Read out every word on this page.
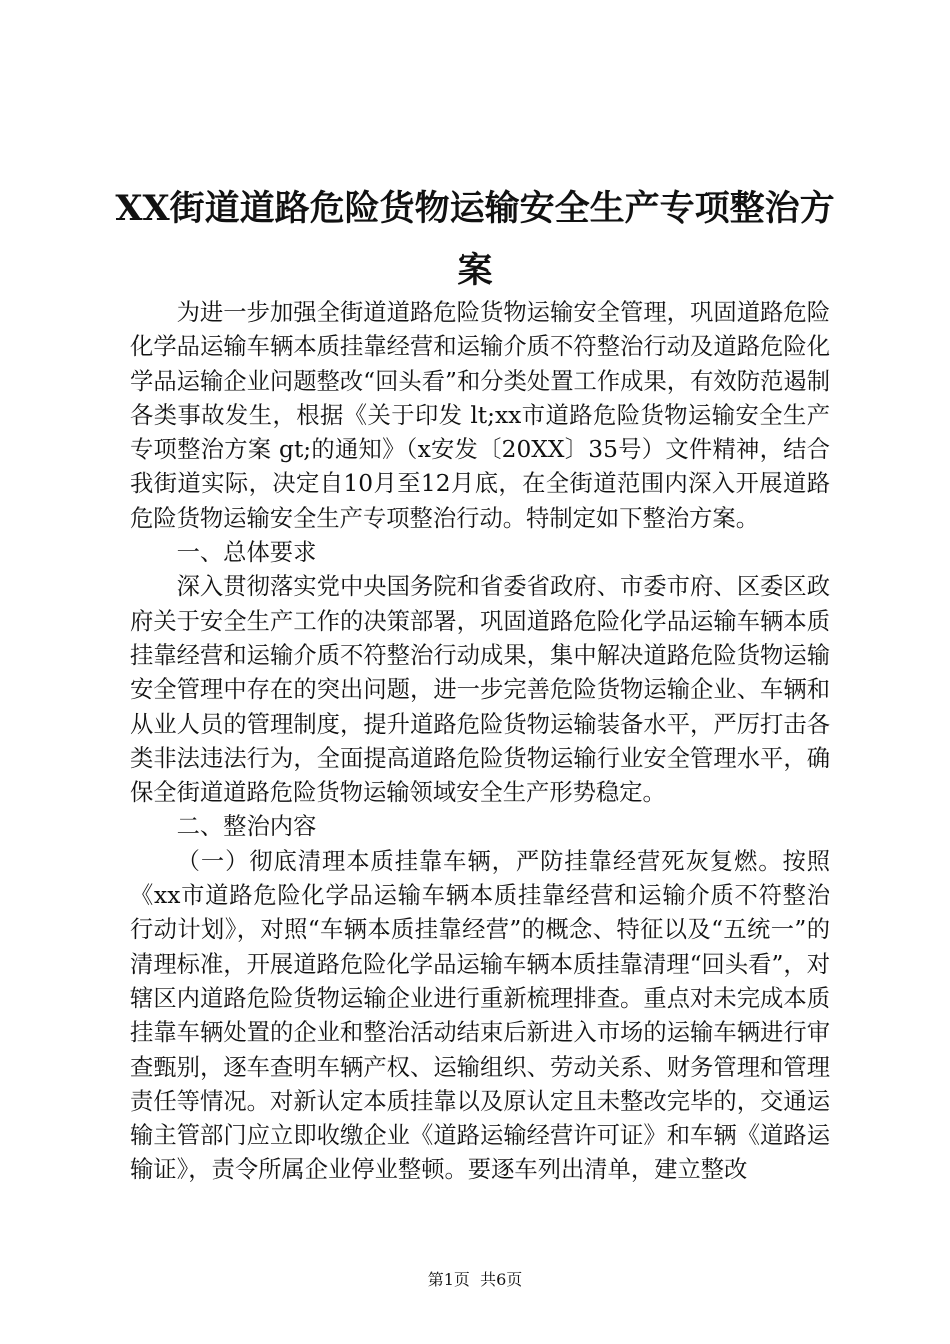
XX街道道路危险货物运输安全生产专项整治方案

为进一步加强全街道道路危险货物运输安全管理，巩固道路危险化学品运输车辆本质挂靠经营和运输介质不符整治行动及道路危险化学品运输企业问题整改“回头看”和分类处置工作成果，有效防范遏制各类事故发生，根据《关于印发 lt;xx市道路危险货物运输安全生产专项整治方案 gt;的通知》（x安发〔20XX〕35号）文件精神，结合我街道实际，决定自10月至12月底，在全街道范围内深入开展道路危险货物运输安全生产专项整治行动。特制定如下整治方案。

一、总体要求

深入贯彻落实党中央国务院和省委省政府、市委市府、区委区政府关于安全生产工作的决策部署，巩固道路危险化学品运输车辆本质挂靠经营和运输介质不符整治行动成果，集中解决道路危险货物运输安全管理中存在的突出问题，进一步完善危险货物运输企业、车辆和从业人员的管理制度，提升道路危险货物运输装备水平，严厉打击各类非法违法行为，全面提高道路危险货物运输行业安全管理水平，确保全街道道路危险货物运输领域安全生产形势稳定。

二、整治内容

（一）彻底清理本质挂靠车辆，严防挂靠经营死灰复燃。按照《xx市道路危险化学品运输车辆本质挂靠经营和运输介质不符整治行动计划》，对照“车辆本质挂靠经营”的概念、特征以及“五统一”的清理标准，开展道路危险化学品运输车辆本质挂靠清理“回头看”，对辖区内道路危险货物运输企业进行重新梳理排查。重点对未完成本质挂靠车辆处置的企业和整治活动结束后新进入市场的运输车辆进行审查甄别，逐车查明车辆产权、运输组织、劳动关系、财务管理和管理责任等情况。对新认定本质挂靠以及原认定且未整改完毕的，交通运输主管部门应立即收缴企业《道路运输经营许可证》和车辆《道路运输证》，责令所属企业停业整顿。要逐车列出清单，建立整改

第1页  共6页
